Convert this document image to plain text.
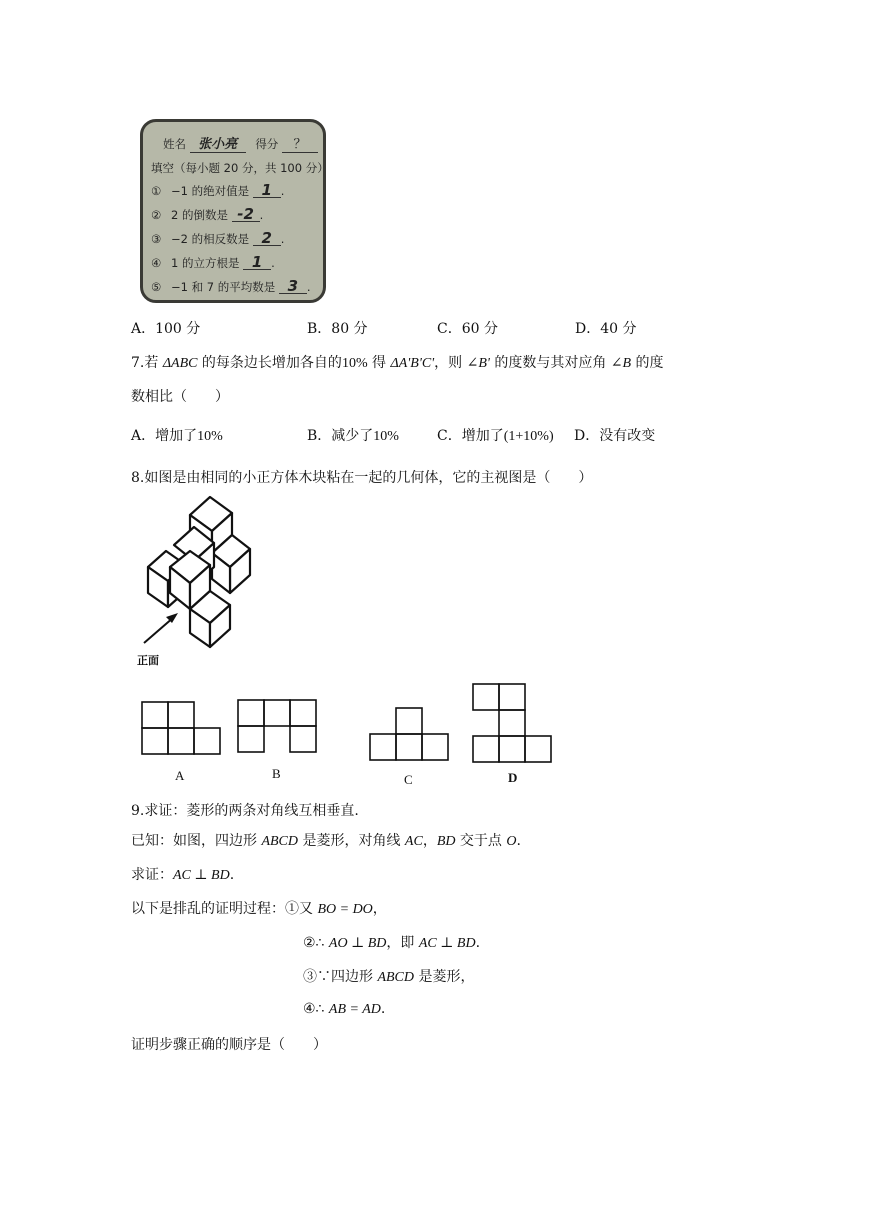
姓名 张小亮 得分 ？
填空（每小题 20 分，共 100 分）
① −1 的绝对值是 1 .
② 2 的倒数是 -2 .
③ −2 的相反数是 2 .
④ 1 的立方根是 1 .
⑤ −1 和 7 的平均数是 3 .
A．100 分	B．80 分	C．60 分	D．40 分
7.若 ΔABC 的每条边长增加各自的10% 得 ΔA'B'C'，则 ∠B' 的度数与其对应角 ∠B 的度
数相比（　　）
A．增加了10%	B．减少了10%	C．增加了(1+10%) D．没有改变
8.如图是由相同的小正方体木块粘在一起的几何体，它的主视图是（　　）
正面
A	B	C	D
9.求证：菱形的两条对角线互相垂直.
已知：如图，四边形 ABCD 是菱形，对角线 AC，BD 交于点 O.
求证：AC ⊥ BD.
以下是排乱的证明过程：①又 BO = DO，
②∴ AO ⊥ BD，即 AC ⊥ BD.
③∵四边形 ABCD 是菱形，
④∴ AB = AD.
证明步骤正确的顺序是（　　）
